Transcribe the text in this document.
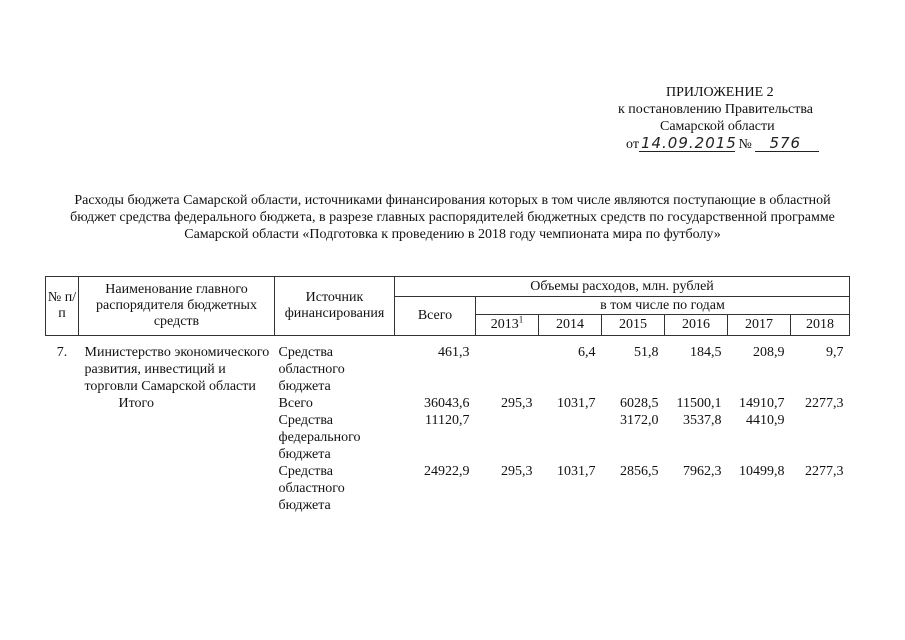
ПРИЛОЖЕНИЕ 2
к постановлению Правительства
Самарской области
от 14.09.2015 № 576
Расходы бюджета Самарской области, источниками финансирования которых в том числе являются поступающие в областной бюджет средства федерального бюджета, в разрезе главных распорядителей бюджетных средств по государственной программе Самарской области «Подготовка к проведению в 2018 году чемпионата мира по футболу»
№ п/п	Наименование главного распорядителя бюджетных средств	Источник финансирования	Объемы расходов, млн. рублей						
			Всего	в том числе по годам					
				2013$^1$	2014	2015	2016	2017	2018

7.	Министерство экономического развития, инвестиций и торговли Самарской области	Средства областного бюджета	461,3		6,4	51,8	184,5	208,9	9,7
	Итого	Всего	36043,6	295,3	1031,7	6028,5	11500,1	14910,7	2277,3
		Средства федерального бюджета	11120,7			3172,0	3537,8	4410,9	
		Средства областного бюджета	24922,9	295,3	1031,7	2856,5	7962,3	10499,8	2277,3
